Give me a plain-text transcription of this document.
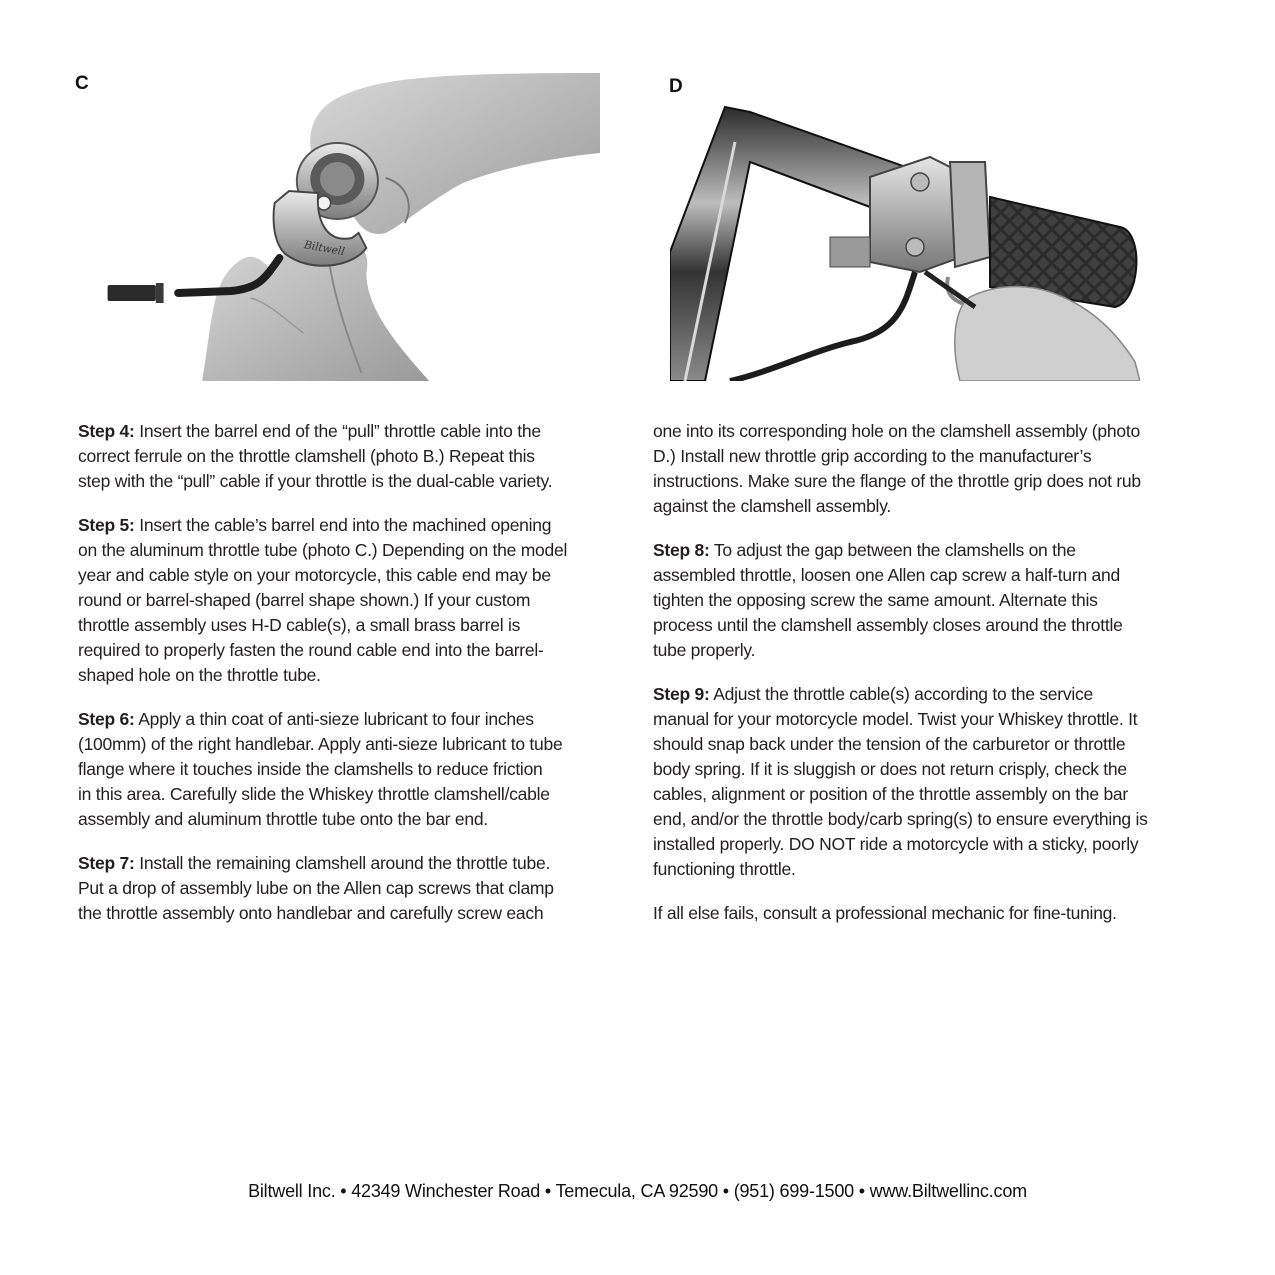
C
Biltwell
D

Step 4: Insert the barrel end of the “pull” throttle cable into the
correct ferrule on the throttle clamshell (photo B.) Repeat this
step with the “pull” cable if your throttle is the dual-cable variety.

Step 5: Insert the cable’s barrel end into the machined opening
on the aluminum throttle tube (photo C.) Depending on the model
year and cable style on your motorcycle, this cable end may be
round or barrel-shaped (barrel shape shown.) If your custom
throttle assembly uses H-D cable(s), a small brass barrel is
required to properly fasten the round cable end into the barrel-
shaped hole on the throttle tube.

Step 6: Apply a thin coat of anti-sieze lubricant to four inches
(100mm) of the right handlebar. Apply anti-sieze lubricant to tube
flange where it touches inside the clamshells to reduce friction
in this area. Carefully slide the Whiskey throttle clamshell/cable
assembly and aluminum throttle tube onto the bar end.

Step 7: Install the remaining clamshell around the throttle tube.
Put a drop of assembly lube on the Allen cap screws that clamp
the throttle assembly onto handlebar and carefully screw each

one into its corresponding hole on the clamshell assembly (photo
D.) Install new throttle grip according to the manufacturer’s
instructions. Make sure the flange of the throttle grip does not rub
against the clamshell assembly.

Step 8: To adjust the gap between the clamshells on the
assembled throttle, loosen one Allen cap screw a half-turn and
tighten the opposing screw the same amount. Alternate this
process until the clamshell assembly closes around the throttle
tube properly.

Step 9: Adjust the throttle cable(s) according to the service
manual for your motorcycle model. Twist your Whiskey throttle. It
should snap back under the tension of the carburetor or throttle
body spring. If it is sluggish or does not return crisply, check the
cables, alignment or position of the throttle assembly on the bar
end, and/or the throttle body/carb spring(s) to ensure everything is
installed properly. DO NOT ride a motorcycle with a sticky, poorly
functioning throttle.

If all else fails, consult a professional mechanic for fine-tuning.

Biltwell Inc. • 42349 Winchester Road • Temecula, CA 92590 • (951) 699-1500 • www.Biltwellinc.com
